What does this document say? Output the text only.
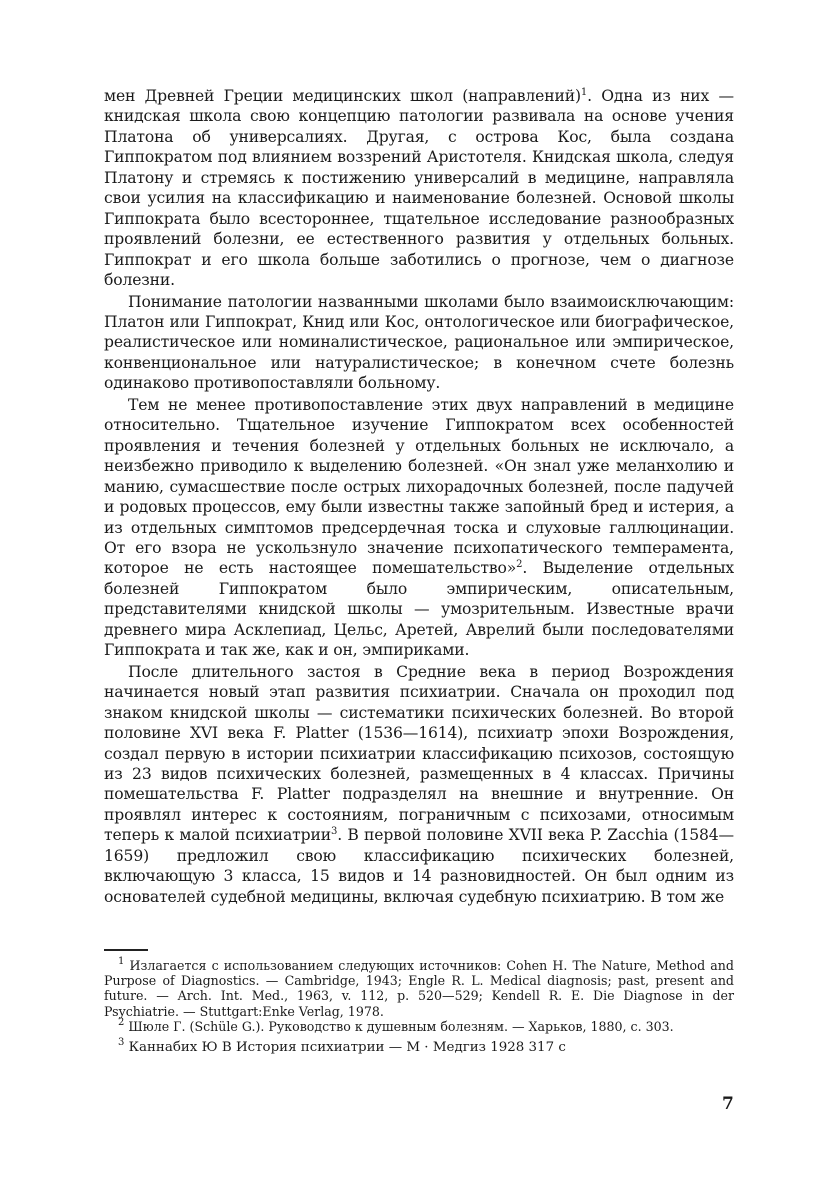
мен Древней Греции медицинских школ (направлений)$^1$. Одна из них — книдская школа свою концепцию патологии развивала на основе учения Платона об универсалиях. Другая, с острова Кос, была создана Гиппократом под влиянием воззрений Аристотеля. Книдская школа, следуя Платону и стремясь к постижению универсалий в медицине, направляла свои усилия на классификацию и наименование болезней. Основой школы Гиппократа было всестороннее, тщательное исследование разнообразных проявлений болезни, ее естественного развития у отдельных больных. Гиппократ и его школа больше заботились о прогнозе, чем о диагнозе болезни.

Понимание патологии названными школами было взаимоисключающим: Платон или Гиппократ, Книд или Кос, онтологическое или биографическое, реалистическое или номиналистическое, рациональное или эмпирическое, конвенциональное или натуралистическое; в конечном счете болезнь одинаково противопоставляли больному.

Тем не менее противопоставление этих двух направлений в медицине относительно. Тщательное изучение Гиппократом всех особенностей проявления и течения болезней у отдельных больных не исключало, а неизбежно приводило к выделению болезней. «Он знал уже меланхолию и манию, сумасшествие после острых лихорадочных болезней, после падучей и родовых процессов, ему были известны также запойный бред и истерия, а из отдельных симптомов предсердечная тоска и слуховые галлюцинации. От его взора не ускользнуло значение психопатического темперамента, которое не есть настоящее помешательство»$^2$. Выделение отдельных болезней Гиппократом было эмпирическим, описательным, представителями книдской школы — умозрительным. Известные врачи древнего мира Асклепиад, Цельс, Аретей, Аврелий были последователями Гиппократа и так же, как и он, эмпириками.

После длительного застоя в Средние века в период Возрождения начинается новый этап развития психиатрии. Сначала он проходил под знаком книдской школы — систематики психических болезней. Во второй половине XVI века F. Platter (1536—1614), психиатр эпохи Возрождения, создал первую в истории психиатрии классификацию психозов, состоящую из 23 видов психических болезней, размещенных в 4 классах. Причины помешательства F. Platter подразделял на внешние и внутренние. Он проявлял интерес к состояниям, пограничным с психозами, относимым теперь к малой психиатрии$^3$. В первой половине XVII века P. Zacchia (1584—1659) предложил свою классификацию психических болезней, включающую 3 класса, 15 видов и 14 разновидностей. Он был одним из основателей судебной медицины, включая судебную психиатрию. В том же

$^1$ Излагается с использованием следующих источников: Cohen H. The Nature, Method and Purpose of Diagnostics. — Cambridge, 1943; Engle R. L. Medical diagnosis; past, present and future. — Arch. Int. Med., 1963, v. 112, p. 520—529; Kendell R. E. Die Diagnose in der Psychiatrie. — Stuttgart:Enke Verlag, 1978.

$^2$ Шюле Г. (Schüle G.). Руководство к душевным болезням. — Харьков, 1880, с. 303.

$^3$ Каннабих Ю В История психиатрии — М · Медгиз 1928 317 с

7
